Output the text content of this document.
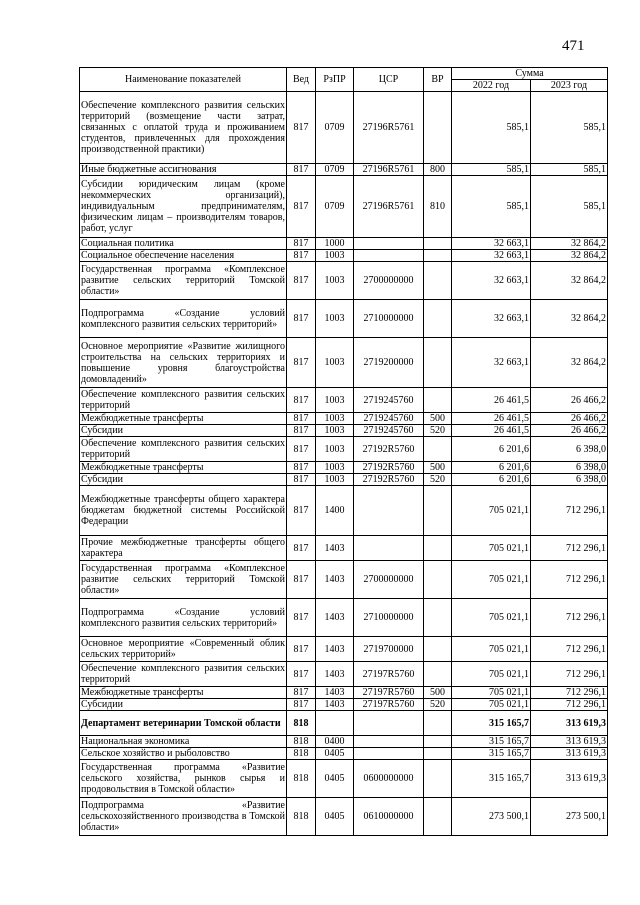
471
Наименование показателей	Вед	РзПР	ЦСР	ВР	Сумма	
					2022 год	2023 год
Обеспечение комплексного развития сельских территорий (возмещение части затрат, связанных с оплатой труда и проживанием студентов, привлеченных для прохождения производственной практики)	817	0709	27196R5761		585,1	585,1
Иные бюджетные ассигнования	817	0709	27196R5761	800	585,1	585,1
Субсидии юридическим лицам (кроме некоммерческих организаций), индивидуальным предпринимателям, физическим лицам – производителям товаров, работ, услуг	817	0709	27196R5761	810	585,1	585,1
Социальная политика	817	1000			32 663,1	32 864,2
Социальное обеспечение населения	817	1003			32 663,1	32 864,2
Государственная программа «Комплексное развитие сельских территорий Томской области»	817	1003	2700000000		32 663,1	32 864,2
Подпрограмма «Создание условий комплексного развития сельских территорий»	817	1003	2710000000		32 663,1	32 864,2
Основное мероприятие «Развитие жилищного строительства на сельских территориях и повышение уровня благоустройства домовладений»	817	1003	2719200000		32 663,1	32 864,2
Обеспечение комплексного развития сельских территорий	817	1003	2719245760		26 461,5	26 466,2
Межбюджетные трансферты	817	1003	2719245760	500	26 461,5	26 466,2
Субсидии	817	1003	2719245760	520	26 461,5	26 466,2
Обеспечение комплексного развития сельских территорий	817	1003	27192R5760		6 201,6	6 398,0
Межбюджетные трансферты	817	1003	27192R5760	500	6 201,6	6 398,0
Субсидии	817	1003	27192R5760	520	6 201,6	6 398,0
Межбюджетные трансферты общего характера бюджетам бюджетной системы Российской Федерации	817	1400			705 021,1	712 296,1
Прочие межбюджетные трансферты общего характера	817	1403			705 021,1	712 296,1
Государственная программа «Комплексное развитие сельских территорий Томской области»	817	1403	2700000000		705 021,1	712 296,1
Подпрограмма «Создание условий комплексного развития сельских территорий»	817	1403	2710000000		705 021,1	712 296,1
Основное мероприятие «Современный облик сельских территорий»	817	1403	2719700000		705 021,1	712 296,1
Обеспечение комплексного развития сельских территорий	817	1403	27197R5760		705 021,1	712 296,1
Межбюджетные трансферты	817	1403	27197R5760	500	705 021,1	712 296,1
Субсидии	817	1403	27197R5760	520	705 021,1	712 296,1
Департамент ветеринарии Томской области	818				315 165,7	313 619,3
Национальная экономика	818	0400			315 165,7	313 619,3
Сельское хозяйство и рыболовство	818	0405			315 165,7	313 619,3
Государственная программа «Развитие сельского хозяйства, рынков сырья и продовольствия в Томской области»	818	0405	0600000000		315 165,7	313 619,3
Подпрограмма «Развитие сельскохозяйственного производства в Томской области»	818	0405	0610000000		273 500,1	273 500,1
